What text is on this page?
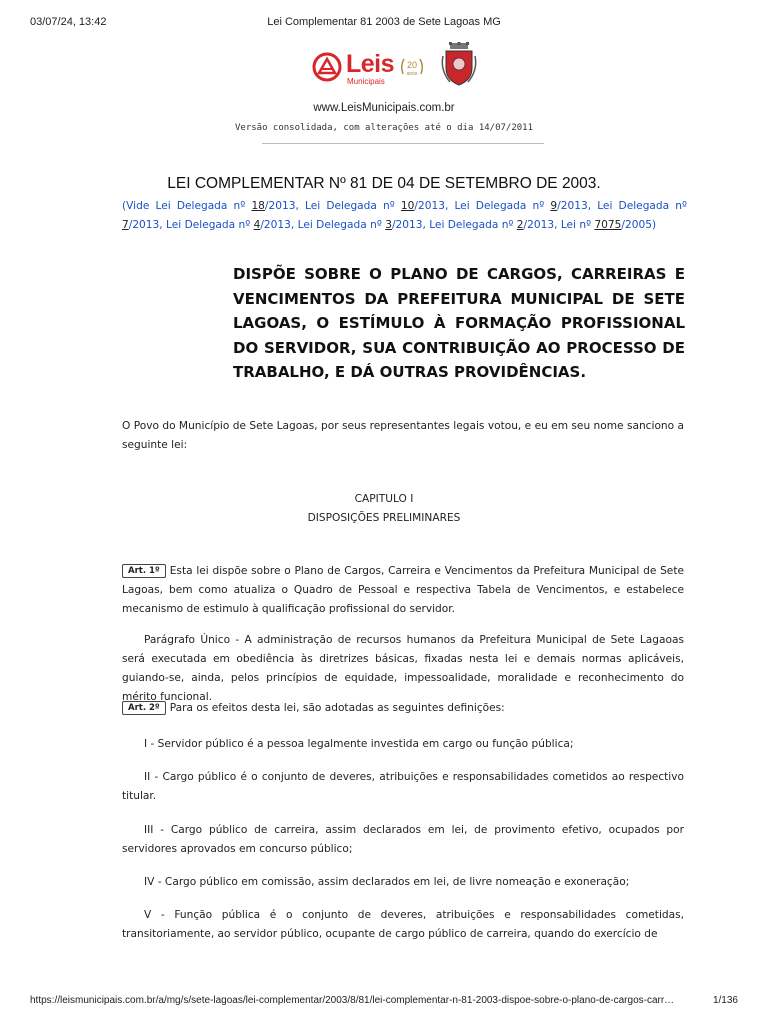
03/07/24, 13:42	Lei Complementar 81 2003 de Sete Lagoas MG
Leis
Municipais
20
anos
www.LeisMunicipais.com.br
Versão consolidada, com alterações até o dia 14/07/2011
LEI COMPLEMENTAR Nº 81 DE 04 DE SETEMBRO DE 2003.
(Vide Lei Delegada nº 18/2013, Lei Delegada nº 10/2013, Lei Delegada nº 9/2013, Lei Delegada nº 7/2013, Lei Delegada nº 4/2013, Lei Delegada nº 3/2013, Lei Delegada nº 2/2013, Lei nº 7075/2005)
DISPÕE SOBRE O PLANO DE CARGOS, CARREIRAS E VENCIMENTOS DA PREFEITURA MUNICIPAL DE SETE LAGOAS, O ESTÍMULO À FORMAÇÃO PROFISSIONAL DO SERVIDOR, SUA CONTRIBUIÇÃO AO PROCESSO DE TRABALHO, E DÁ OUTRAS PROVIDÊNCIAS.
O Povo do Município de Sete Lagoas, por seus representantes legais votou, e eu em seu nome sanciono a seguinte lei:
CAPITULO I
DISPOSIÇÕES PRELIMINARES
Art. 1º Esta lei dispõe sobre o Plano de Cargos, Carreira e Vencimentos da Prefeitura Municipal de Sete Lagoas, bem como atualiza o Quadro de Pessoal e respectiva Tabela de Vencimentos, e estabelece mecanismo de estimulo à qualificação profissional do servidor.
Parágrafo Único - A administração de recursos humanos da Prefeitura Municipal de Sete Lagaoas será executada em obediência às diretrizes básicas, fixadas nesta lei e demais normas aplicáveis, guiando-se, ainda, pelos princípios de equidade, impessoalidade, moralidade e reconhecimento do mérito funcional.
Art. 2º Para os efeitos desta lei, são adotadas as seguintes definições:
I - Servidor público é a pessoa legalmente investida em cargo ou função pública;
II - Cargo público é o conjunto de deveres, atribuições e responsabilidades cometidos ao respectivo titular.
III - Cargo público de carreira, assim declarados em lei, de provimento efetivo, ocupados por servidores aprovados em concurso público;
IV - Cargo público em comissão, assim declarados em lei, de livre nomeação e exoneração;
V - Função pública é o conjunto de deveres, atribuições e responsabilidades cometidas, transitoriamente, ao servidor público, ocupante de cargo público de carreira, quando do exercício de
https://leismunicipais.com.br/a/mg/s/sete-lagoas/lei-complementar/2003/8/81/lei-complementar-n-81-2003-dispoe-sobre-o-plano-de-cargos-carr…	1/136
